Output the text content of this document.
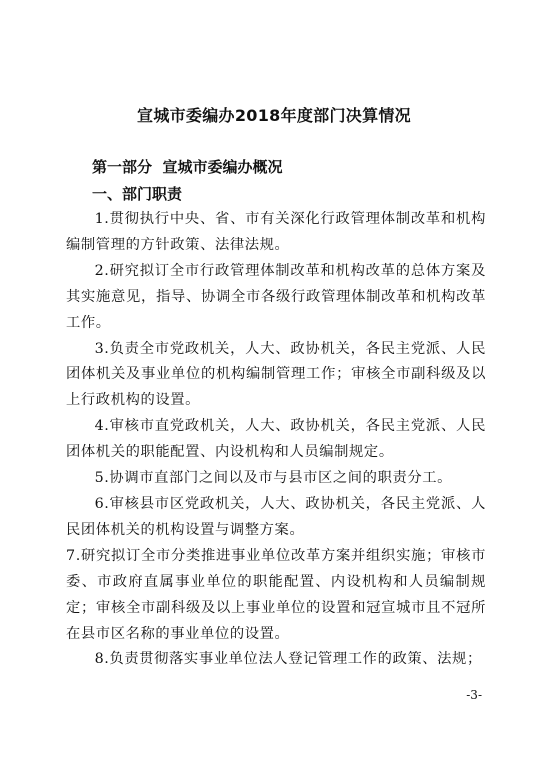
宣城市委编办2018年度部门决算情况
第一部分  宣城市委编办概况
一、部门职责

1.贯彻执行中央、省、市有关深化行政管理体制改革和机构编制管理的方针政策、法律法规。

2.研究拟订全市行政管理体制改革和机构改革的总体方案及其实施意见，指导、协调全市各级行政管理体制改革和机构改革工作。

3.负责全市党政机关，人大、政协机关，各民主党派、人民团体机关及事业单位的机构编制管理工作；审核全市副科级及以上行政机构的设置。

4.审核市直党政机关，人大、政协机关，各民主党派、人民团体机关的职能配置、内设机构和人员编制规定。

5.协调市直部门之间以及市与县市区之间的职责分工。

6.审核县市区党政机关，人大、政协机关，各民主党派、人民团体机关的机构设置与调整方案。

7.研究拟订全市分类推进事业单位改革方案并组织实施；审核市委、市政府直属事业单位的职能配置、内设机构和人员编制规定；审核全市副科级及以上事业单位的设置和冠宣城市且不冠所在县市区名称的事业单位的设置。

8.负责贯彻落实事业单位法人登记管理工作的政策、法规；

-3-
